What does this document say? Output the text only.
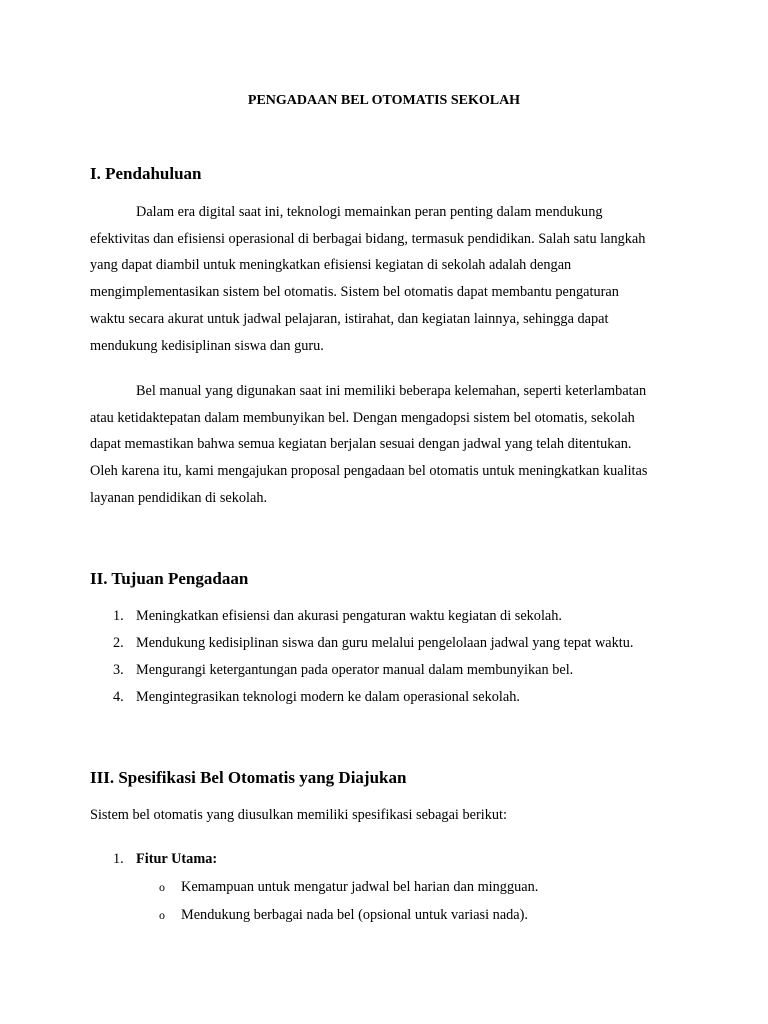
PENGADAAN BEL OTOMATIS SEKOLAH
I. Pendahuluan

Dalam era digital saat ini, teknologi memainkan peran penting dalam mendukung
efektivitas dan efisiensi operasional di berbagai bidang, termasuk pendidikan. Salah satu langkah
yang dapat diambil untuk meningkatkan efisiensi kegiatan di sekolah adalah dengan
mengimplementasikan sistem bel otomatis. Sistem bel otomatis dapat membantu pengaturan
waktu secara akurat untuk jadwal pelajaran, istirahat, dan kegiatan lainnya, sehingga dapat
mendukung kedisiplinan siswa dan guru.

Bel manual yang digunakan saat ini memiliki beberapa kelemahan, seperti keterlambatan
atau ketidaktepatan dalam membunyikan bel. Dengan mengadopsi sistem bel otomatis, sekolah
dapat memastikan bahwa semua kegiatan berjalan sesuai dengan jadwal yang telah ditentukan.
Oleh karena itu, kami mengajukan proposal pengadaan bel otomatis untuk meningkatkan kualitas
layanan pendidikan di sekolah.

II. Tujuan Pengadaan
1. Meningkatkan efisiensi dan akurasi pengaturan waktu kegiatan di sekolah.
2. Mendukung kedisiplinan siswa dan guru melalui pengelolaan jadwal yang tepat waktu.
3. Mengurangi ketergantungan pada operator manual dalam membunyikan bel.
4. Mengintegrasikan teknologi modern ke dalam operasional sekolah.
III. Spesifikasi Bel Otomatis yang Diajukan
Sistem bel otomatis yang diusulkan memiliki spesifikasi sebagai berikut:
1. Fitur Utama:
o Kemampuan untuk mengatur jadwal bel harian dan mingguan.
o Mendukung berbagai nada bel (opsional untuk variasi nada).
